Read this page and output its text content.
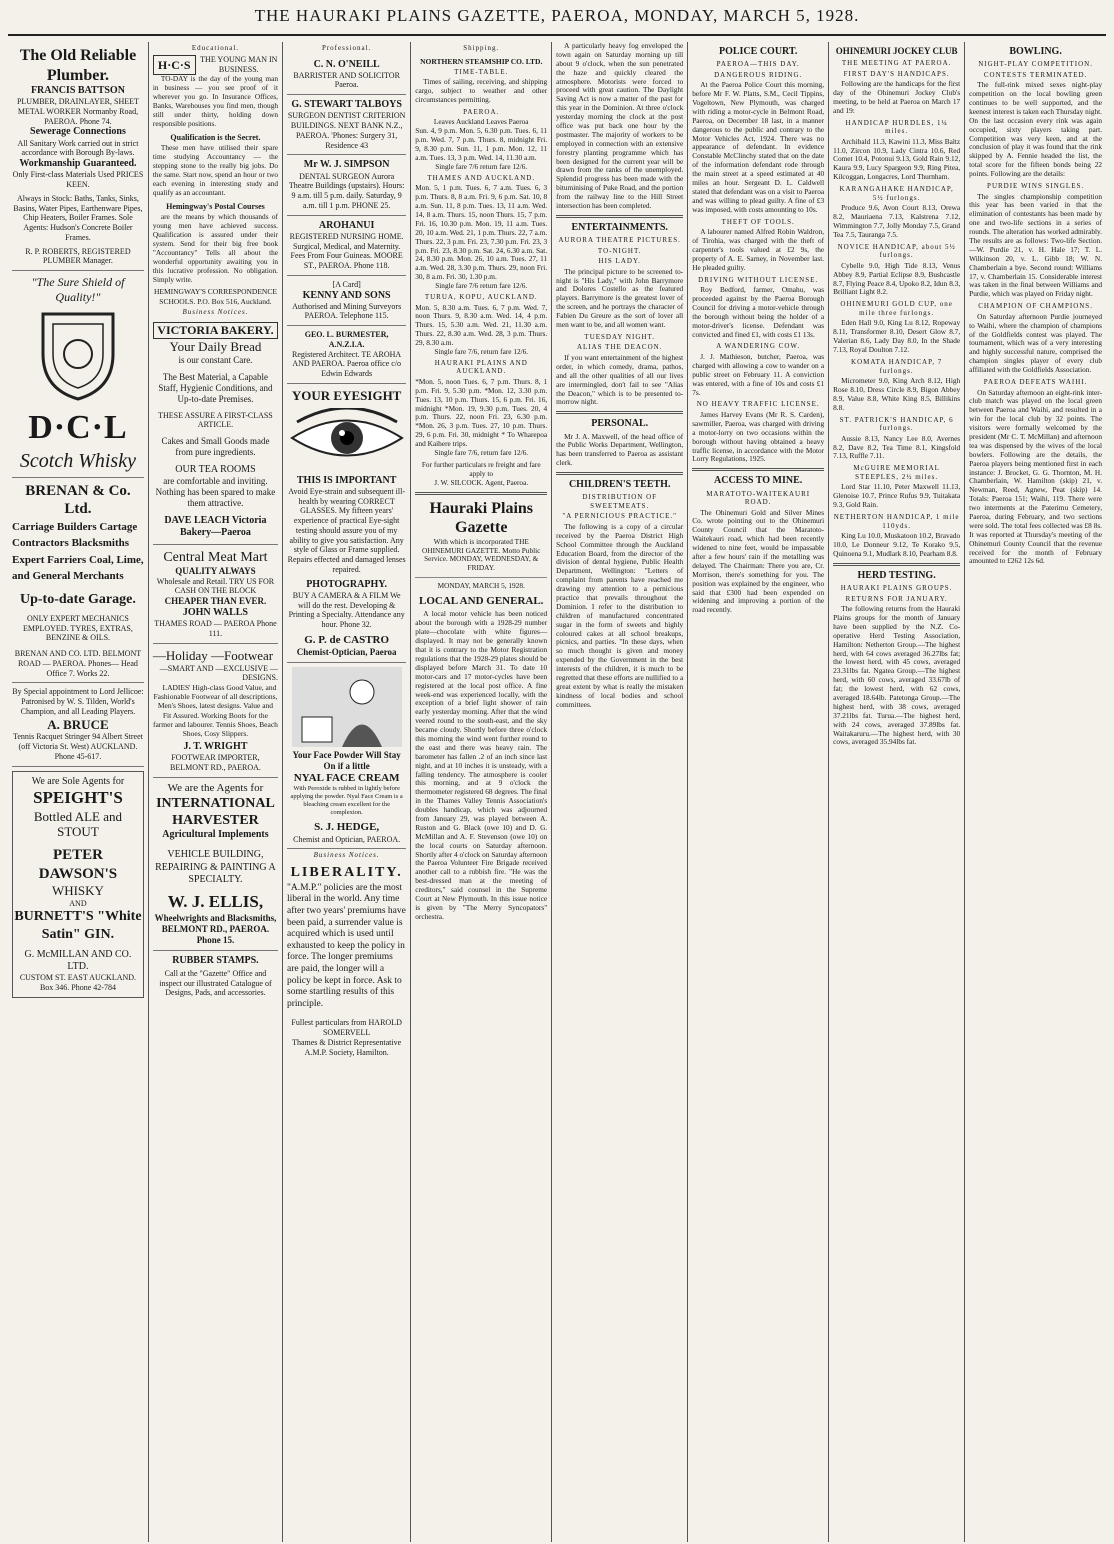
THE HAURAKI PLAINS GAZETTE, PAEROA, MONDAY, MARCH 5, 1928.
The Old Reliable Plumber.
FRANCIS BATTSON
PLUMBER, DRAINLAYER, SHEET METAL WORKER Normanby Road, PAEROA. Phone 74.
Sewerage Connections
All Sanitary Work carried out in strict accordance with Borough By-laws.
Workmanship Guaranteed.
Only First-class Materials Used PRICES KEEN.
Always in Stock: Baths, Tanks, Sinks, Basins, Water Pipes, Earthenware Pipes, Chip Heaters, Boiler Frames. Sole Agents: Hudson's Concrete Boiler Frames.
R. P. ROBERTS, REGISTERED PLUMBER Manager.
"The Sure Shield of Quality!"
D·C·L
Scotch Whisky
BRENAN & Co. Ltd.
Carriage Builders Cartage Contractors Blacksmiths Expert Farriers Coal, Lime, and General Merchants
Up-to-date Garage.
ONLY EXPERT MECHANICS EMPLOYED. TYRES, EXTRAS, BENZINE & OILS.
BRENAN AND CO. LTD. BELMONT ROAD — PAEROA. Phones— Head Office 7. Works 22.
By Special appointment to Lord Jellicoe: Patronised by W. S. Tilden, World's Champion, and all Leading Players.
A. BRUCE
Tennis Racquet Stringer 94 Albert Street (off Victoria St. West) AUCKLAND. Phone 45-617.
We are Sole Agents for
SPEIGHT'S
Bottled ALE and STOUT
PETER DAWSON'S
WHISKY
AND
BURNETT'S "White Satin" GIN.
G. McMILLAN AND CO. LTD.
CUSTOM ST. EAST AUCKLAND.
Box 346. Phone 42-784
Educational.
H·C·S	THE YOUNG MAN IN BUSINESS.

TO-DAY is the day of the young man in business — you see proof of it wherever you go. In Insurance Offices, Banks, Warehouses you find men, though still under thirty, holding down responsible positions.

Qualification is the Secret.

These men have utilised their spare time studying Accountancy — the stepping stone to the really big jobs. Do the same. Start now, spend an hour or two each evening in interesting study and qualify as an accountant.

Hemingway's Postal Courses

are the means by which thousands of young men have achieved success. Qualification is assured under their system. Send for their big free book "Accountancy" Tells all about the wonderful opportunity awaiting you in this lucrative profession. No obligation. Simply write.

HEMINGWAY'S CORRESPONDENCE SCHOOLS. P.O. Box 516, Auckland.
Business Notices.
VICTORIA BAKERY.
Your Daily Bread
is our constant Care.
The Best Material, a Capable Staff, Hygienic Conditions, and Up-to-date Premises.
THESE ASSURE A FIRST-CLASS ARTICLE.
Cakes and Small Goods made from pure ingredients.
OUR TEA ROOMS
are comfortable and inviting. Nothing has been spared to make them attractive.
DAVE LEACH Victoria Bakery—Paeroa
Central Meat Mart
QUALITY ALWAYS
Wholesale and Retail. TRY US FOR CASH ON THE BLOCK
CHEAPER THAN EVER.
JOHN WALLS
THAMES ROAD — PAEROA Phone 111.
—Holiday —Footwear
—SMART AND —EXCLUSIVE —DESIGNS.

LADIES' High-class Good Value, and Fashionable Footwear of all descriptions, Men's Shoes, latest designs. Value and Fit Assured. Working Boots for the farmer and labourer. Tennis Shoes, Beach Shoes, Cosy Slippers.

J. T. WRIGHT
FOOTWEAR IMPORTER, BELMONT RD., PAEROA.
We are the Agents for
INTERNATIONAL HARVESTER
Agricultural Implements
VEHICLE BUILDING, REPAIRING & PAINTING A SPECIALTY.
W. J. ELLIS,
Wheelwrights and Blacksmiths, BELMONT RD., PAEROA. Phone 15.
RUBBER STAMPS.
Call at the "Gazette" Office and inspect our illustrated Catalogue of Designs, Pads, and accessories.
Professional.
C. N. O'NEILL
BARRISTER AND SOLICITOR Paeroa.
G. STEWART TALBOYS
SURGEON DENTIST CRITERION BUILDINGS. NEXT BANK N.Z., PAEROA. 'Phones: Surgery 31, Residence 43
Mr W. J. SIMPSON
DENTAL SURGEON Aurora Theatre Buildings (upstairs). Hours: 9 a.m. till 5 p.m. daily. Saturday, 9 a.m. till 1 p.m. PHONE 25.
AROHANUI
REGISTERED NURSING HOME. Surgical, Medical, and Maternity. Fees From Four Guineas. MOORE ST., PAEROA. Phone 118.
[A Card]
KENNY AND SONS
Authorised and Mining Surveyors PAEROA. Telephone 115.
GEO. L. BURMESTER, A.N.Z.I.A.
Registered Architect. TE AROHA AND PAEROA. Paeroa office c/o Edwin Edwards
YOUR EYESIGHT
THIS IS IMPORTANT
Avoid Eye-strain and subsequent ill-health by wearing CORRECT GLASSES. My fifteen years' experience of practical Eye-sight testing should assure you of my ability to give you satisfaction. Any style of Glass or Frame supplied. Repairs effected and damaged lenses repaired.
PHOTOGRAPHY.
BUY A CAMERA & A FILM We will do the rest. Developing & Printing a Specialty. Attendance any hour. Phone 32.
G. P. de CASTRO
Chemist-Optician, Paeroa
Your Face Powder Will Stay On if a little
NYAL FACE CREAM
With Peroxide is rubbed in lightly before applying the powder. Nyal Face Cream is a bleaching cream excellent for the complexion.
S. J. HEDGE,
Chemist and Optician, PAEROA.
Business Notices.
LIBERALITY.
"A.M.P." policies are the most liberal in the world. Any time after two years' premiums have been paid, a surrender value is acquired which is used until exhausted to keep the policy in force. The longer premiums are paid, the longer will a policy be kept in force. Ask to some startling results of this principle.
Fullest particulars from HAROLD SOMERVELL
Thames & District Representative A.M.P. Society, Hamilton.
Shipping.
NORTHERN STEAMSHIP CO. LTD.
TIME-TABLE.

Times of sailing, receiving, and shipping cargo, subject to weather and other circumstances permitting.

PAEROA.
Leaves Auckland Leaves Paeroa
Sun. 4, 9 p.m. Mon. 5, 6.30 p.m. Tues. 6, 11 p.m. Wed. 7, 7 p.m. Thurs. 8, midnight Fri. 9, 8.30 p.m. Sun. 11, 1 p.m. Mon. 12, 11 a.m. Tues. 13, 3 p.m. Wed. 14, 11.30 a.m.
Single fare 7/6 return fare 12/6.
THAMES AND AUCKLAND.
Mon. 5, 1 p.m. Tues. 6, 7 a.m. Tues. 6, 3 p.m. Thurs. 8, 8 a.m. Fri. 9, 6 p.m. Sat. 10, 8 a.m. Sun. 11, 8 p.m. Tues. 13, 11 a.m. Wed. 14, 8 a.m. Thurs. 15, noon Thurs. 15, 7 p.m. Fri. 16, 10.30 p.m. Mon. 19, 11 a.m. Tues. 20, 10 a.m. Wed. 21, 1 p.m. Thurs. 22, 7 a.m. Thurs. 22, 3 p.m. Fri. 23, 7.30 p.m. Fri. 23, 3 p.m. Fri. 23, 8.30 p.m. Sat. 24, 6.30 a.m. Sat. 24, 8.30 p.m. Mon. 26, 10 a.m. Tues. 27, 11 a.m. Wed. 28, 3.30 p.m. Thurs. 29, noon Fri. 30, 8 a.m. Fri. 30, 1.30 p.m.
Single fare 7/6 return fare 12/6.
TURUA, KOPU, AUCKLAND.
Mon. 5, 8.30 a.m. Tues. 6, 7 p.m. Wed. 7, noon Thurs. 9, 8.30 a.m. Wed. 14, 4 p.m. Thurs. 15, 5.30 a.m. Wed. 21, 11.30 a.m. Thurs. 22, 8.30 a.m. Wed. 28, 3 p.m. Thurs. 29, 8.30 a.m.
Single fare 7/6, return fare 12/6.
HAURAKI PLAINS AND AUCKLAND.
*Mon. 5, noon Tues. 6, 7 p.m. Thurs. 8, 1 p.m. Fri. 9, 5.30 p.m. *Mon. 12, 3.30 p.m. Tues. 13, 10 p.m. Thurs. 15, 6 p.m. Fri. 16, midnight *Mon. 19, 9.30 p.m. Tues. 20, 4 p.m. Thurs. 22, noon Fri. 23, 6.30 p.m. *Mon. 26, 3 p.m. Tues. 27, 10 p.m. Thurs. 29, 6 p.m. Fri. 30, midnight * To Wharepoa and Kaihere trips.
Single fare 7/6, return fare 12/6.
For further particulars re freight and fare apply to
J. W. SILCOCK. Agent, Paeroa.
Hauraki Plains Gazette
With which is incorporated THE OHINEMURI GAZETTE. Motto Public Service. MONDAY, WEDNESDAY, & FRIDAY.
MONDAY, MARCH 5, 1928.
LOCAL AND GENERAL.

A local motor vehicle has been noticed about the borough with a 1928-29 number plate—chocolate with white figures—displayed. It may not be generally known that it is contrary to the Motor Registration regulations that the 1928-29 plates should be displayed before March 31. To date 10 motor-cars and 17 motor-cycles have been registered at the local post office. A fine week-end was experienced locally, with the exception of a brief light shower of rain early yesterday morning. After that the wind veered round to the south-east, and the sky became cloudy. Shortly before three o'clock this morning the wind went further round to the east and there was heavy rain. The barometer has fallen .2 of an inch since last night, and at 10 inches it is unsteady, with a falling tendency. The atmosphere is cooler this morning, and at 9 o'clock the thermometer registered 68 degrees. The final in the Thames Valley Tennis Association's doubles handicap, which was adjourned from January 29, was played between A. Ruston and G. Black (owe 10) and D. G. McMillan and A. F. Stevenson (owe 10) on the local courts on Saturday afternoon. Shortly after 4 o'clock on Saturday afternoon the Paeroa Volunteer Fire Brigade received another call to a rubbish fire. "He was the best-dressed man at the meeting of creditors," said counsel in the Supreme Court at New Plymouth. In this issue notice is given by "The Merry Syncopators" orchestra.

A particularly heavy fog enveloped the town again on Saturday morning up till about 9 o'clock, when the sun penetrated the haze and quickly cleared the atmosphere. Motorists were forced to proceed with great caution. The Daylight Saving Act is now a matter of the past for this year in the Dominion. At three o'clock yesterday morning the clock at the post office was put back one hour by the postmaster. The majority of workers to be employed in connection with an extensive forestry planting programme which has been designed for the current year will be drawn from the ranks of the unemployed. Splendid progress has been made with the bituminising of Puke Road, and the portion from the railway line to the Hill Street intersection has been completed.

ENTERTAINMENTS.
AURORA THEATRE PICTURES.
TO-NIGHT.
HIS LADY.

The principal picture to be screened to-night is "His Lady," with John Barrymore and Dolores Costello as the featured players. Barrymore is the greatest lover of the screen, and he portrays the character of Fabien Du Greure as the sort of lover all men want to be, and all women want.

TUESDAY NIGHT.
ALIAS THE DEACON.

If you want entertainment of the highest order, in which comedy, drama, pathos, and all the other qualities of all our lives are intermingled, don't fail to see "Alias the Deacon," which is to be presented to-morrow night.

PERSONAL.

Mr J. A. Maxwell, of the head office of the Public Works Department, Wellington, has been transferred to Paeroa as assistant clerk.

CHILDREN'S TEETH.
DISTRIBUTION OF SWEETMEATS.
"A PERNICIOUS PRACTICE."

The following is a copy of a circular received by the Paeroa District High School Committee through the Auckland Education Board, from the director of the division of dental hygiene, Public Health Department, Wellington: "Letters of complaint from parents have reached me drawing my attention to a pernicious practice that prevails throughout the Dominion. I refer to the distribution to children of manufactured concentrated sugar in the form of sweets and highly coloured cakes at all school breakups, picnics, and parties. "In these days, when so much thought is given and money expended by the Government in the best interests of the children, it is much to be regretted that these efforts are nullified to a great extent by what is really the mistaken kindness of local bodies and school committees.

POLICE COURT.
PAEROA—THIS DAY.
DANGEROUS RIDING.

At the Paeroa Police Court this morning, before Mr F. W. Platts, S.M., Cecil Tippins, Vogeltown, New Plymouth, was charged with riding a motor-cycle in Belmont Road, Paeroa, on December 18 last, in a manner dangerous to the public and contrary to the Motor Vehicles Act, 1924. There was no appearance of defendant. In evidence Constable McClinchy stated that on the date of the information defendant rode through the main street at a speed estimated at 40 miles an hour. Sergeant D. L. Caldwell stated that defendant was on a visit to Paeroa and was willing to plead guilty. A fine of £3 was imposed, with costs amounting to 10s.

THEFT OF TOOLS.

A labourer named Alfred Robin Waldron, of Tirohia, was charged with the theft of carpenter's tools valued at £2 9s, the property of A. E. Sarney, in November last. He pleaded guilty.

DRIVING WITHOUT LICENSE.

Roy Bedford, farmer, Omahu, was proceeded against by the Paeroa Borough Council for driving a motor-vehicle through the borough without being the holder of a motor-driver's license. Defendant was convicted and fined £1, with costs £1 13s.

A WANDERING COW.

J. J. Mathieson, butcher, Paeroa, was charged with allowing a cow to wander on a public street on February 11. A conviction was entered, with a fine of 10s and costs £1 7s.

NO HEAVY TRAFFIC LICENSE.

James Harvey Evans (Mr R. S. Carden), sawmiller, Paeroa, was charged with driving a motor-lorry on two occasions within the borough without having obtained a heavy traffic license, in accordance with the Motor Lorry Regulations, 1925.

ACCESS TO MINE.
MARATOTO-WAITEKAURI ROAD.

The Ohinemuri Gold and Silver Mines Co. wrote pointing out to the Ohinemuri County Council that the Maratoto-Waitekauri road, which had been recently widened to nine feet, would be impassable after a few hours' rain if the metalling was delayed. The Chairman: There you are, Cr. Morrison, there's something for you. The position was explained by the engineer, who said that £300 had been expended on widening and improving a portion of the road recently.

OHINEMURI JOCKEY CLUB
THE MEETING AT PAEROA.
FIRST DAY'S HANDICAPS.

Following are the handicaps for the first day of the Ohinemuri Jockey Club's meeting, to be held at Paeroa on March 17 and 19:

HANDICAP HURDLES, 1¼ miles.

Archibald 11.3, Kawini 11.3, Miss Baltz 11.0, Zircon 10.9, Lady Cintra 10.6, Red Comet 10.4, Potonui 9.13, Gold Rain 9.12, Kaura 9.9, Lucy Spargeon 9.9, Ring Pitea, Kilcoggan, Longacres, Lord Thurnham.

KARANGAHAKE HANDICAP, 5½ furlongs.

Produce 9.6, Avon Court 8.13, Orewa 8.2, Mauriaena 7.13, Kalstrena 7.12, Wimmington 7.7, Jolly Monday 7.5, Grand Tea 7.5, Tauranga 7.5.

NOVICE HANDICAP, about 5½ furlongs.

Cybelle 9.0, High Tide 8.13, Venus Abbey 8.9, Partial Eclipse 8.9, Bushcastle 8.7, Flying Peace 8.4, Upoko 8.2, Idun 8.3, Brilliant Light 8.2.

OHINEMURI GOLD CUP, one mile three furlongs.

Eden Hall 9.0, King Lu 8.12, Ropeway 8.11, Transformer 8.10, Desert Glow 8.7, Valerian 8.6, Lady Day 8.0, In the Shade 7.13, Royal Doulton 7.12.

KOMATA HANDICAP, 7 furlongs.

Micrometer 9.0, King Arch 8.12, High Rose 8.10, Dress Circle 8.9, Bigon Abbey 8.9, Value 8.8, White King 8.5, Billikins 8.8.

ST. PATRICK'S HANDICAP, 6 furlongs.

Aussie 8.13, Nancy Lee 8.0, Avernes 8.2, Dave 8.2, Tea Time 8.1, Kingsfold 7.13, Ruffle 7.11.

McGUIRE MEMORIAL STEEPLES, 2½ miles.

Lord Star 11.10, Peter Maxwell 11.13, Glenoise 10.7, Prince Rufus 9.9, Tuitakata 9.3, Gold Rain.

NETHERTON HANDICAP, 1 mile 110yds.

King Lu 10.0, Muskatoon 10.2, Bravado 10.0, Le Donneur 9.12, Te Korako 9.5, Quinoena 9.1, Mudlark 8.10, Pearham 8.8.

HERD TESTING.
HAURAKI PLAINS GROUPS.
RETURNS FOR JANUARY.

The following returns from the Hauraki Plains groups for the month of January have been supplied by the N.Z. Co-operative Herd Testing Association, Hamilton: Netherton Group.—The highest herd, with 64 cows averaged 36.27lbs fat; the lowest herd, with 45 cows, averaged 23.31lbs fat. Ngatea Group.—The highest herd, with 60 cows, averaged 33.67lb of fat; the lowest herd, with 62 cows, averaged 18.64lb. Patetonga Group.—The highest herd, with 38 cows, averaged 37.21lbs fat. Turua.—The highest herd, with 24 cows, averaged 37.89lbs fat. Waitakaruru.—The highest herd, with 30 cows, averaged 35.94lbs fat.

BOWLING.
NIGHT-PLAY COMPETITION.
CONTESTS TERMINATED.

The full-rink mixed sexes night-play competition on the local bowling green continues to be well supported, and the keenest interest is taken each Thursday night. On the last occasion every rink was again occupied, sixty players taking part. Competition was very keen, and at the conclusion of play it was found that the rink skipped by A. Fennie headed the list, the total score for the fifteen bonds being 22 points. Following are the details:

PURDIE WINS SINGLES.

The singles championship competition this year has been varied in that the elimination of contestants has been made by one and two-life sections in a series of rounds. The alteration has worked admirably. The results are as follows: Two-life Section.—W. Purdie 21, v. H. Hale 17; T. L. Wilkinson 20, v. L. Gibb 18; W. N. Chamberlain a bye. Second round: Williams 17, v. Chamberlain 15. Considerable interest was taken in the final between Williams and Purdie, which was played on Friday night.

CHAMPION OF CHAMPIONS.

On Saturday afternoon Purdie journeyed to Waihi, where the champion of champions of the Goldfields contest was played. The tournament, which was of a very interesting and highly successful nature, comprised the champion singles player of every club affiliated with the Goldfields Association.

PAEROA DEFEATS WAIHI.

On Saturday afternoon an eight-rink inter-club match was played on the local green between Paeroa and Waihi, and resulted in a win for the local club by 32 points. The visitors were formally welcomed by the president (Mr C. T. McMillan) and afternoon tea was dispensed by the wives of the local bowlers. Following are the details, the Paeroa players being mentioned first in each instance: J. Brocket, G. G. Thornton, M. H. Chamberlain, W. Hamilton (skip) 21, v. Newman, Reed, Agnew, Peat (skip) 14. Totals: Paeroa 151; Waihi, 119. There were two interments at the Paterimu Cemetery, Paeroa, during February, and two sections were sold. The total fees collected was £8 8s. It was reported at Thursday's meeting of the Ohinemuri County Council that the revenue received for the month of February amounted to £262 12s 6d.
